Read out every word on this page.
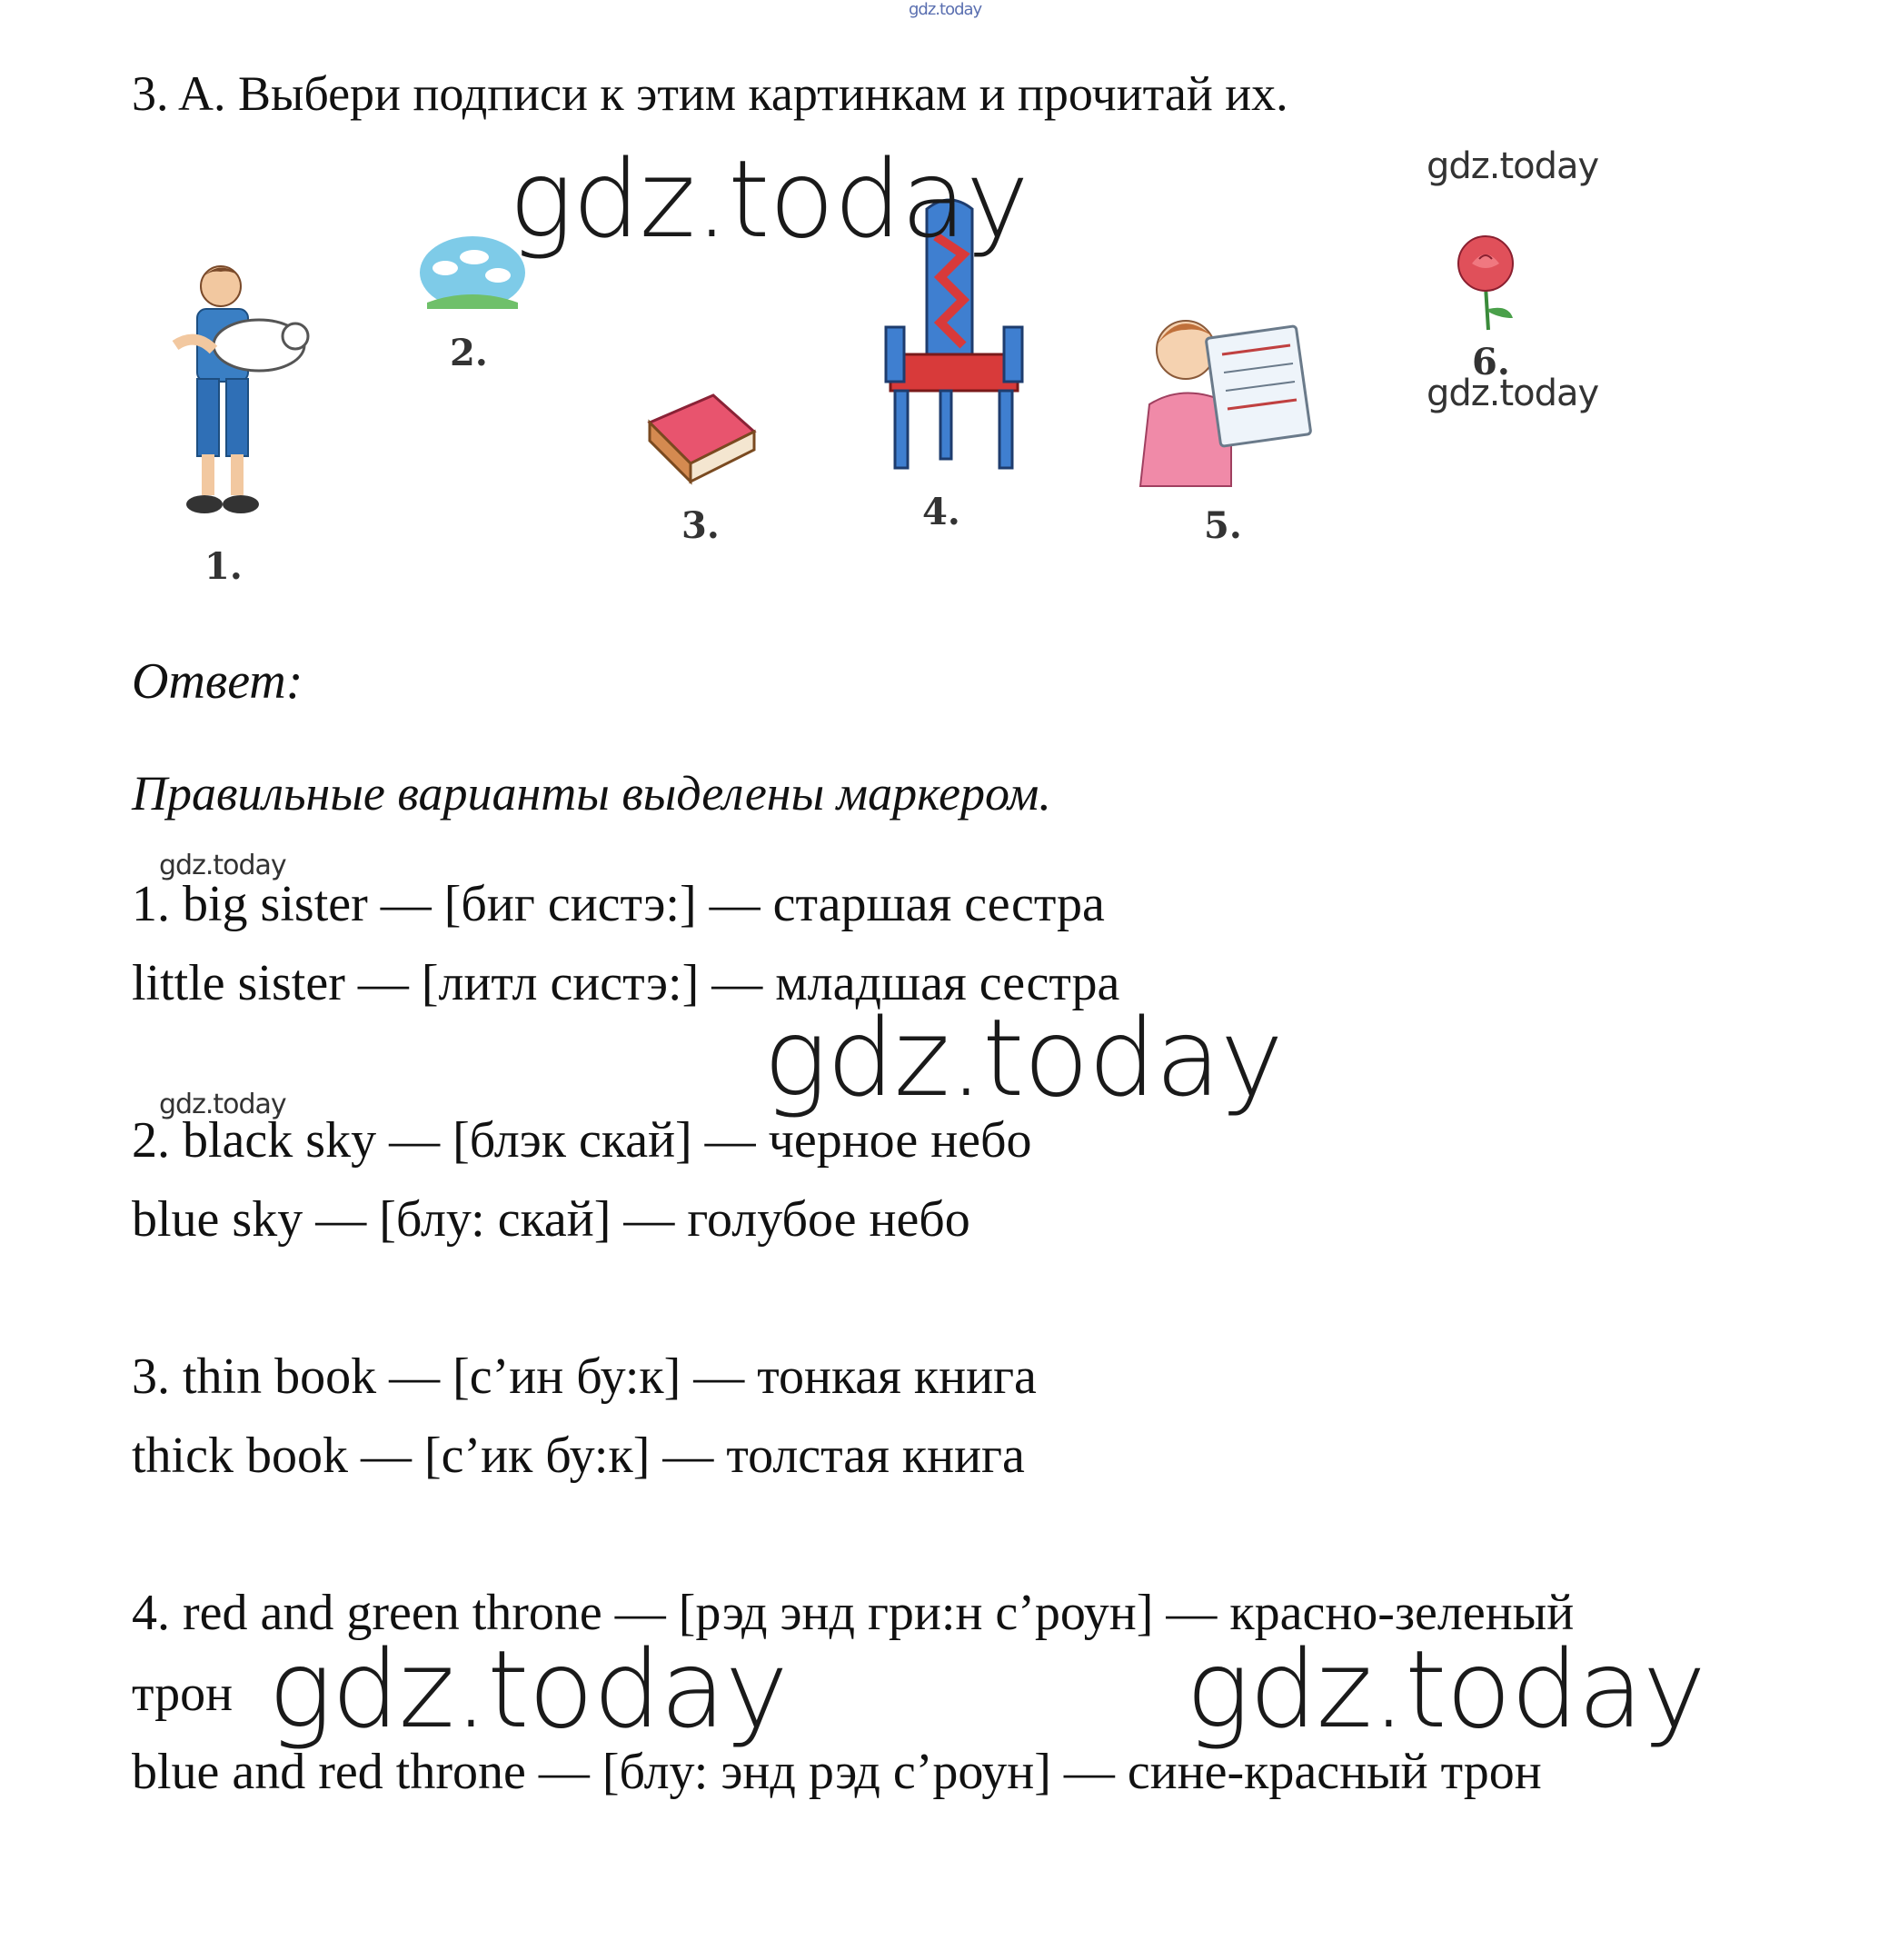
gdz.today
3. A. Выбери подписи к этим картинкам и прочитай их.
1.
2.
3.	4.	5.
6.
gdz.today	gdz.today
gdz.today
Ответ:
Правильные варианты выделены маркером.
gdz.today
1. big sister — [биг систэ:] — старшая сестра
little sister — [литл систэ:] — младшая сестра
gdz.today
gdz.today
2. black sky — [блэк скай] — черное небо
blue sky — [блу: скай] — голубое небо
3. thin book — [с’ин бу:к] — тонкая книга
thick book — [с’ик бу:к] — толстая книга
4. red and green throne — [рэд энд гри:н с’роун] — красно-зеленый
трон gdz.today	gdz.today
blue and red throne — [блу: энд рэд с’роун] — сине-красный трон
